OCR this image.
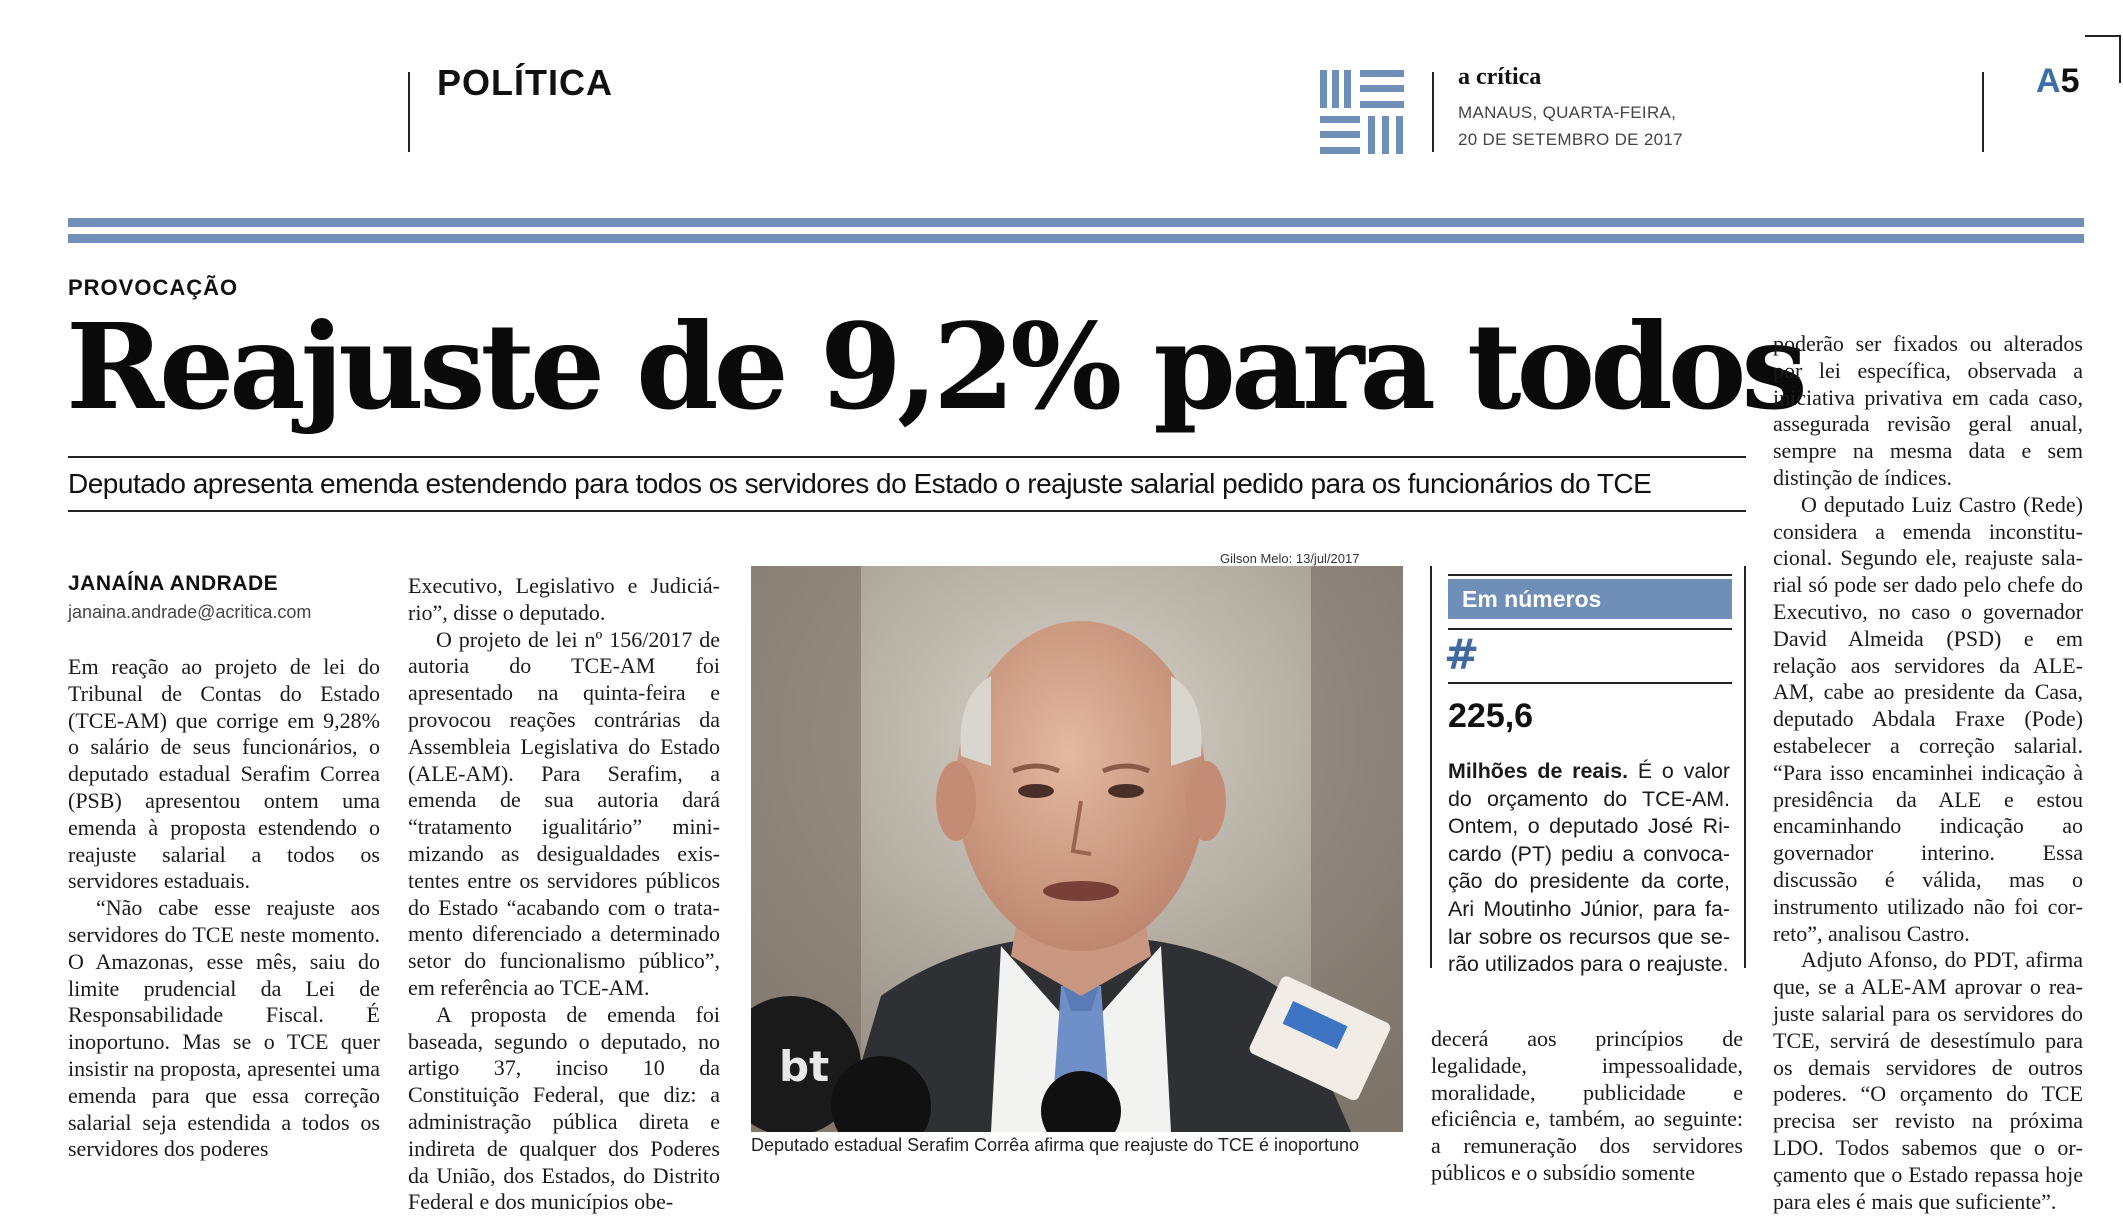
POLÍTICA	a crítica
MANAUS, QUARTA-FEIRA,
20 DE SETEMBRO DE 2017
A5
PROVOCAÇÃO
Reajuste de 9,2% para todos
Deputado apresenta emenda estendendo para todos os servidores do Estado o reajuste salarial pedido para os funcionários do TCE
JANAÍNA ANDRADE
janaina.andrade@acritica.com

Em reação ao projeto de lei do Tribunal de Contas do Estado (TCE-AM) que corrige em 9,28% o salário de seus funcionários, o deputado estadual Serafim Correa (PSB) apresentou ontem uma emenda à proposta estendendo o reajuste salarial a todos os servidores estaduais.

“Não cabe esse reajuste aos servidores do TCE neste momento. O Amazonas, esse mês, saiu do limite prudencial da Lei de Responsabilidade Fiscal. É inoportuno. Mas se o TCE quer insistir na proposta, apresentei uma emenda para que essa correção salarial seja estendida a todos os servidores dos poderes

Executivo, Legislativo e Judiciário”, disse o deputado.

O projeto de lei nº 156/2017 de autoria do TCE-AM foi apresentado na quinta-feira e provocou reações contrárias da Assembleia Legislativa do Estado (ALE-AM). Para Serafim, a emenda de sua autoria dará “tratamento igualitário” minimizando as desigualdades existentes entre os servidores públicos do Estado “acabando com o tratamento diferenciado a determinado setor do funcionalismo público”, em referência ao TCE-AM.

A proposta de emenda foi baseada, segundo o deputado, no artigo 37, inciso 10 da Constituição Federal, que diz: a administração pública direta e indireta de qualquer dos Poderes da União, dos Estados, do Distrito Federal e dos municípios obe-

Gilson Melo: 13/jul/2017
bt
Deputado estadual Serafim Corrêa afirma que reajuste do TCE é inoportuno
Em números
#
225,6
Milhões de reais. É o valor do orçamento do TCE-AM. Ontem, o deputado José Ricardo (PT) pediu a convocação do presidente da corte, Ari Moutinho Júnior, para falar sobre os recursos que serão utilizados para o reajuste.

decerá aos princípios de legalidade, impessoalidade, moralidade, publicidade e eficiência e, também, ao seguinte: a remuneração dos servidores públicos e o subsídio somente

poderão ser fixados ou alterados por lei específica, observada a iniciativa privativa em cada caso, assegurada revisão geral anual, sempre na mesma data e sem distinção de índices.

O deputado Luiz Castro (Rede) considera a emenda inconstitucional. Segundo ele, reajuste salarial só pode ser dado pelo chefe do Executivo, no caso o governador David Almeida (PSD) e em relação aos servidores da ALE-AM, cabe ao presidente da Casa, deputado Abdala Fraxe (Pode) estabelecer a correção salarial. “Para isso encaminhei indicação à presidência da ALE e estou encaminhando indicação ao governador interino. Essa discussão é válida, mas o instrumento utilizado não foi correto”, analisou Castro.

Adjuto Afonso, do PDT, afirma que, se a ALE-AM aprovar o reajuste salarial para os servidores do TCE, servirá de desestímulo para os demais servidores de outros poderes. “O orçamento do TCE precisa ser revisto na próxima LDO. Todos sabemos que o orçamento que o Estado repassa hoje para eles é mais que suficiente”.
